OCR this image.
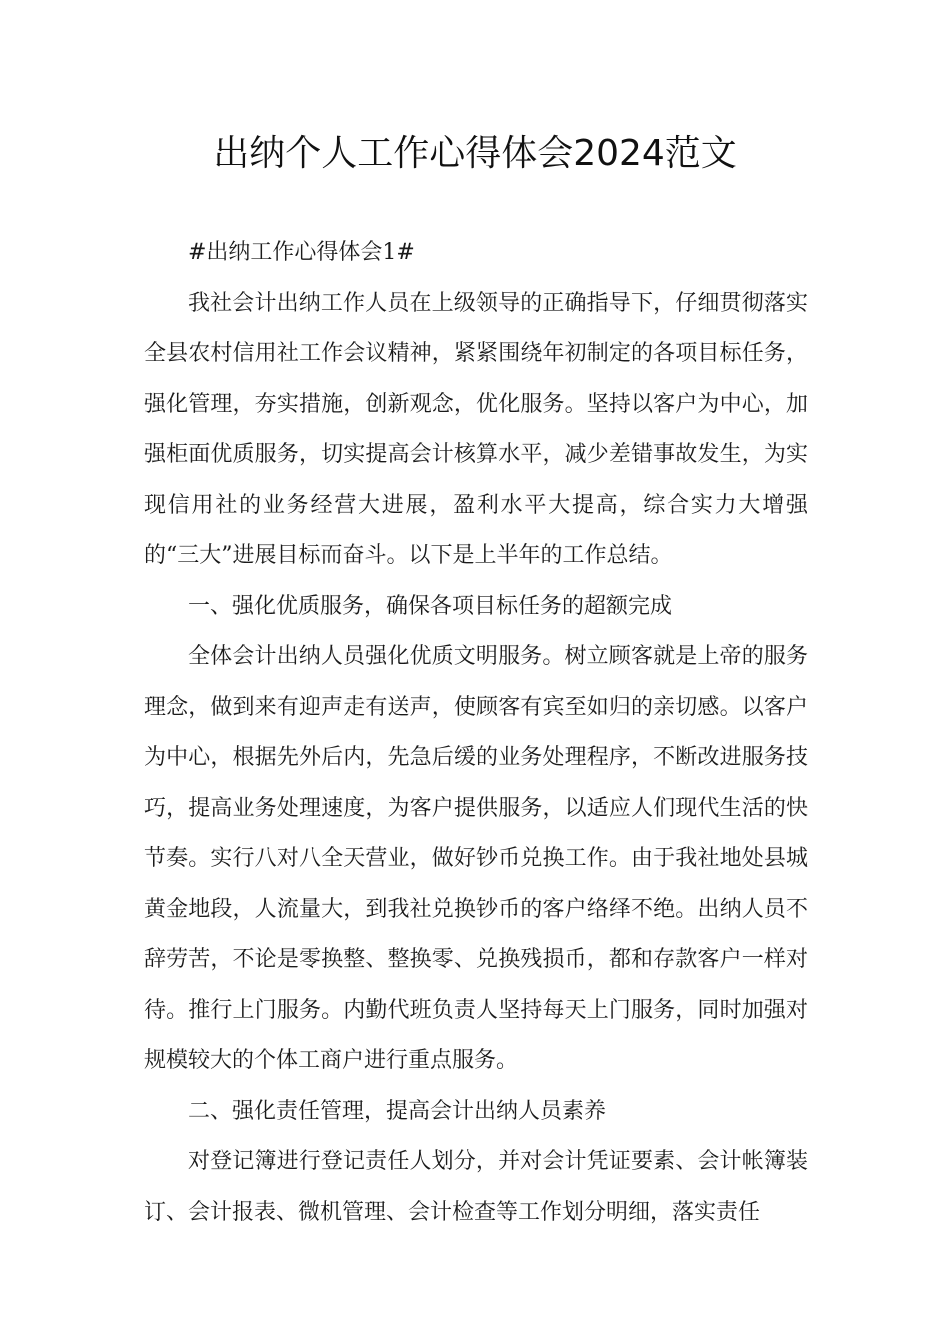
出纳个人工作心得体会2024范文

#出纳工作心得体会1#

我社会计出纳工作人员在上级领导的正确指导下，仔细贯彻落实全县农村信用社工作会议精神，紧紧围绕年初制定的各项目标任务，强化管理，夯实措施，创新观念，优化服务。坚持以客户为中心，加强柜面优质服务，切实提高会计核算水平，减少差错事故发生，为实现信用社的业务经营大进展，盈利水平大提高，综合实力大增强的“三大”进展目标而奋斗。以下是上半年的工作总结。

一、强化优质服务，确保各项目标任务的超额完成

全体会计出纳人员强化优质文明服务。树立顾客就是上帝的服务理念，做到来有迎声走有送声，使顾客有宾至如归的亲切感。以客户为中心，根据先外后内，先急后缓的业务处理程序，不断改进服务技巧，提高业务处理速度，为客户提供服务，以适应人们现代生活的快节奏。实行八对八全天营业，做好钞币兑换工作。由于我社地处县城黄金地段，人流量大，到我社兑换钞币的客户络绎不绝。出纳人员不辞劳苦，不论是零换整、整换零、兑换残损币，都和存款客户一样对待。推行上门服务。内勤代班负责人坚持每天上门服务，同时加强对规模较大的个体工商户进行重点服务。

二、强化责任管理，提高会计出纳人员素养

对登记簿进行登记责任人划分，并对会计凭证要素、会计帐簿装订、会计报表、微机管理、会计检查等工作划分明细，落实责任
